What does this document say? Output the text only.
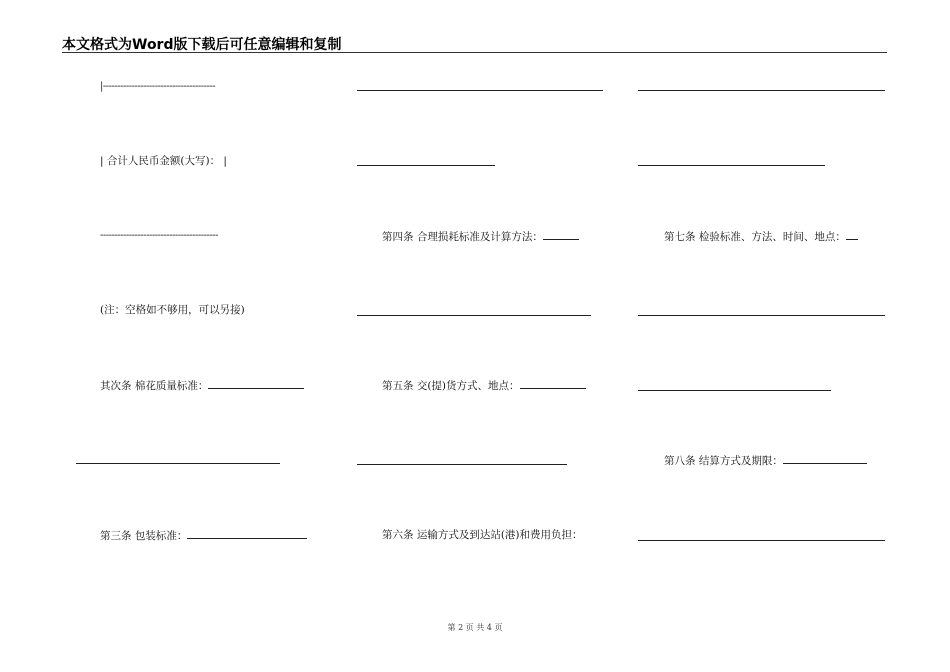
本文格式为Word版下载后可任意编辑和复制
|---------------------------------------
| 合计人民币金额(大写)： |
-----------------------------------------
(注：空格如不够用，可以另接)
其次条 棉花质量标准：
第三条 包装标准：
第四条 合理损耗标准及计算方法：
第五条 交(提)货方式、地点：
第六条 运输方式及到达站(港)和费用负担：
第七条 检验标准、方法、时间、地点：
第八条 结算方式及期限：
第 2 页 共 4 页
